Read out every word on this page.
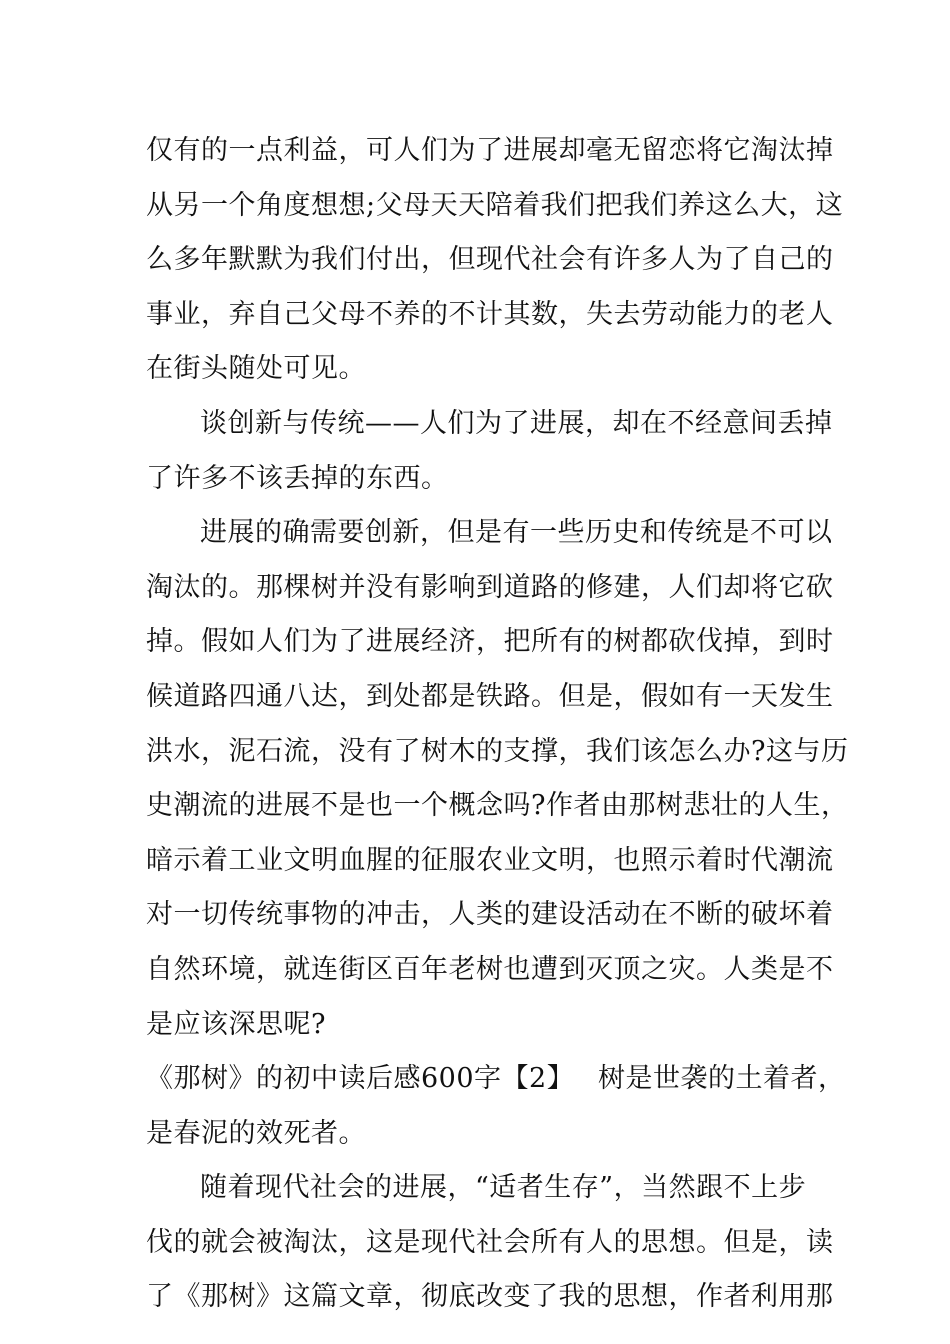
仅有的一点利益，可人们为了进展却毫无留恋将它淘汰掉
从另一个角度想想;父母天天陪着我们把我们养这么大，这
么多年默默为我们付出，但现代社会有许多人为了自己的
事业，弃自己父母不养的不计其数，失去劳动能力的老人
在街头随处可见。
谈创新与传统——人们为了进展，却在不经意间丢掉
了许多不该丢掉的东西。
进展的确需要创新，但是有一些历史和传统是不可以
淘汰的。那棵树并没有影响到道路的修建，人们却将它砍
掉。假如人们为了进展经济，把所有的树都砍伐掉，到时
候道路四通八达，到处都是铁路。但是，假如有一天发生
洪水，泥石流，没有了树木的支撑，我们该怎么办?这与历
史潮流的进展不是也一个概念吗?作者由那树悲壮的人生，
暗示着工业文明血腥的征服农业文明，也照示着时代潮流
对一切传统事物的冲击，人类的建设活动在不断的破坏着
自然环境，就连街区百年老树也遭到灭顶之灾。人类是不
是应该深思呢?
《那树》的初中读后感600字【2】 树是世袭的土着者，
是春泥的效死者。
随着现代社会的进展，“适者生存”，当然跟不上步
伐的就会被淘汰，这是现代社会所有人的思想。但是，读
了《那树》这篇文章，彻底改变了我的思想，作者利用那
